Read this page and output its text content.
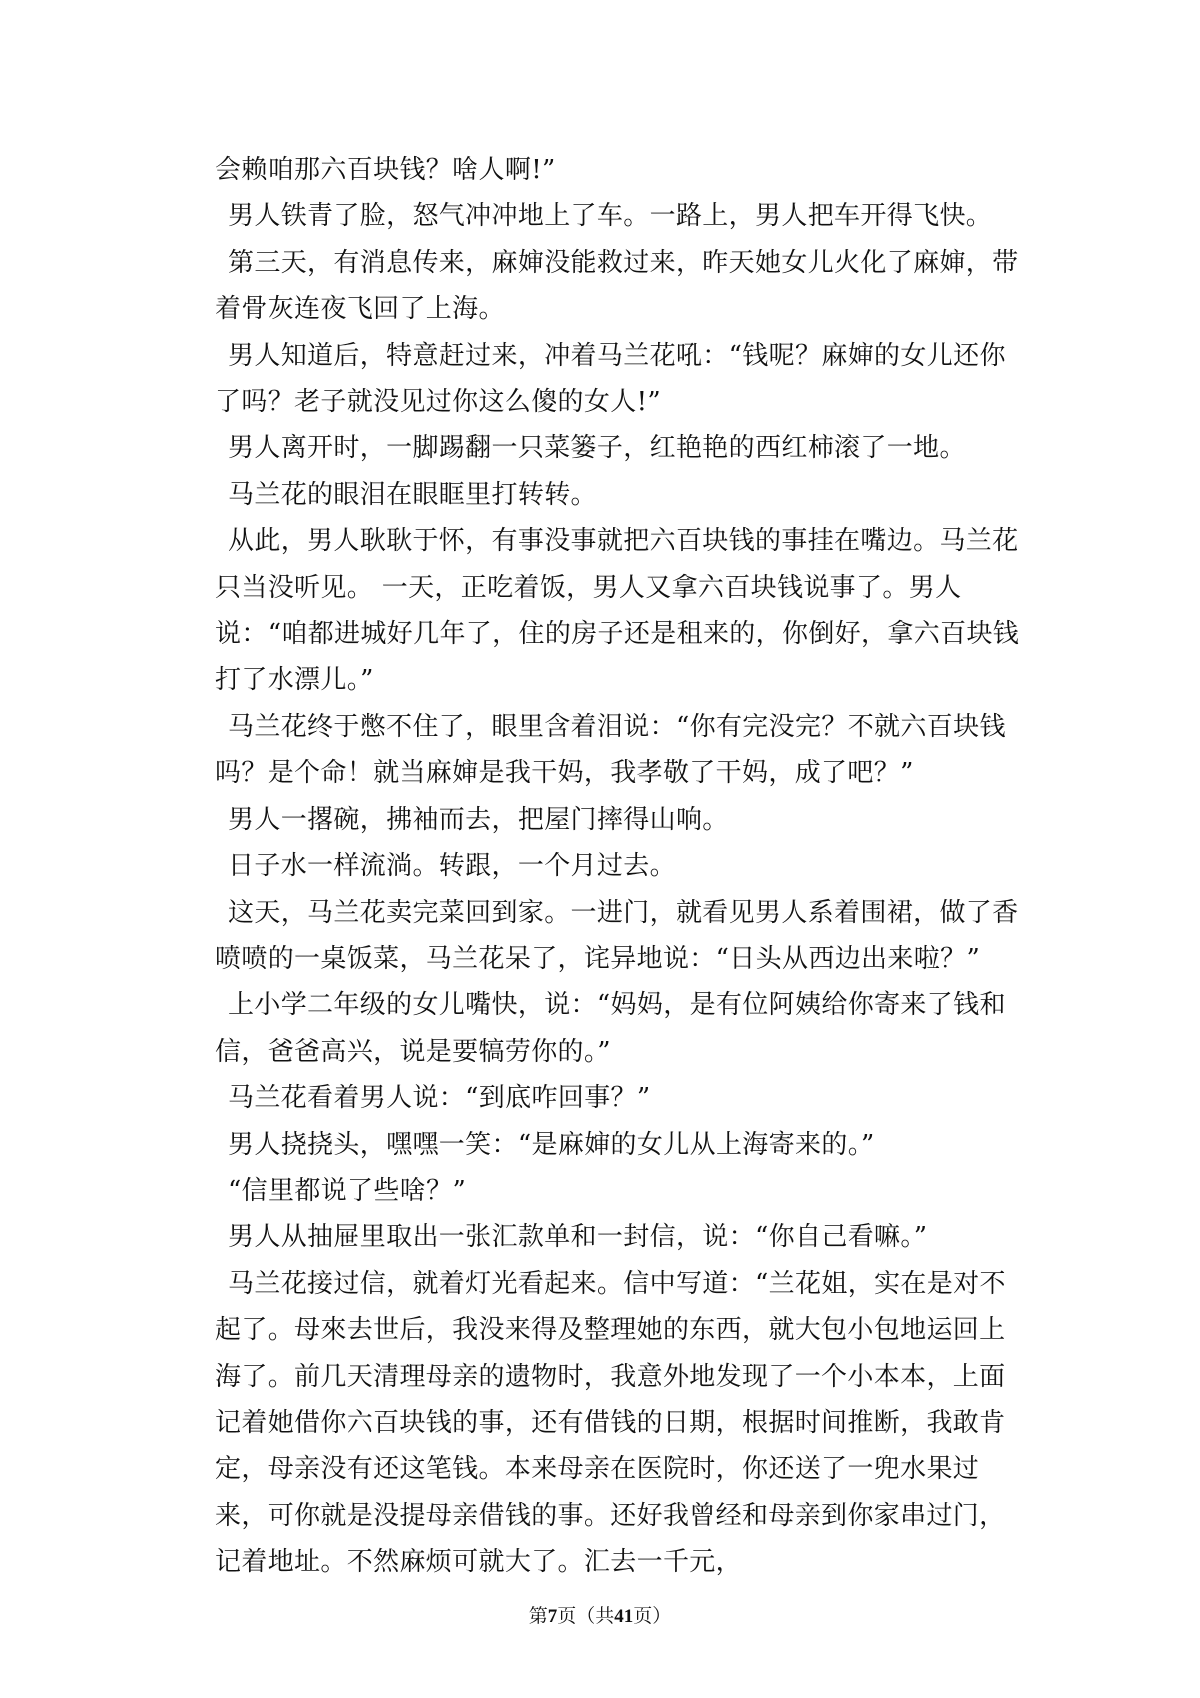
会赖咱那六百块钱？啥人啊!”

男人铁青了脸，怒气冲冲地上了车。一路上，男人把车开得飞快。

第三天，有消息传来，麻婶没能救过来，昨天她女儿火化了麻婶，带着骨灰连夜飞回了上海。

男人知道后，特意赶过来，冲着马兰花吼：“钱呢？麻婶的女儿还你了吗？老子就没见过你这么傻的女人!”

男人离开时，一脚踢翻一只菜篓子，红艳艳的西红柿滚了一地。

马兰花的眼泪在眼眶里打转转。

从此，男人耿耿于怀，有事没事就把六百块钱的事挂在嘴边。马兰花只当没听见。 一天，正吃着饭，男人又拿六百块钱说事了。男人说：“咱都进城好几年了，住的房子还是租来的，你倒好，拿六百块钱打了水漂儿。”

马兰花终于憋不住了，眼里含着泪说：“你有完没完？不就六百块钱吗？是个命！就当麻婶是我干妈，我孝敬了干妈，成了吧？”

男人一撂碗，拂袖而去，把屋门摔得山响。

日子水一样流淌。转跟，一个月过去。

这天，马兰花卖完菜回到家。一进门，就看见男人系着围裙，做了香喷喷的一桌饭菜，马兰花呆了，诧异地说：“日头从西边出来啦？”

上小学二年级的女儿嘴快，说：“妈妈，是有位阿姨给你寄来了钱和信，爸爸高兴，说是要犒劳你的。”

马兰花看着男人说：“到底咋回事？”

男人挠挠头，嘿嘿一笑：“是麻婶的女儿从上海寄来的。”

“信里都说了些啥？”

男人从抽屉里取出一张汇款单和一封信，说：“你自己看嘛。”

马兰花接过信，就着灯光看起来。信中写道：“兰花姐，实在是对不起了。母來去世后，我没来得及整理她的东西，就大包小包地运回上海了。前几天清理母亲的遗物时，我意外地发现了一个小本本，上面记着她借你六百块钱的事，还有借钱的日期，根据时间推断，我敢肯定，母亲没有还这笔钱。本来母亲在医院时，你还送了一兜水果过来，可你就是没提母亲借钱的事。还好我曾经和母亲到你家串过门，记着地址。不然麻烦可就大了。汇去一千元，

第7页（共41页）
